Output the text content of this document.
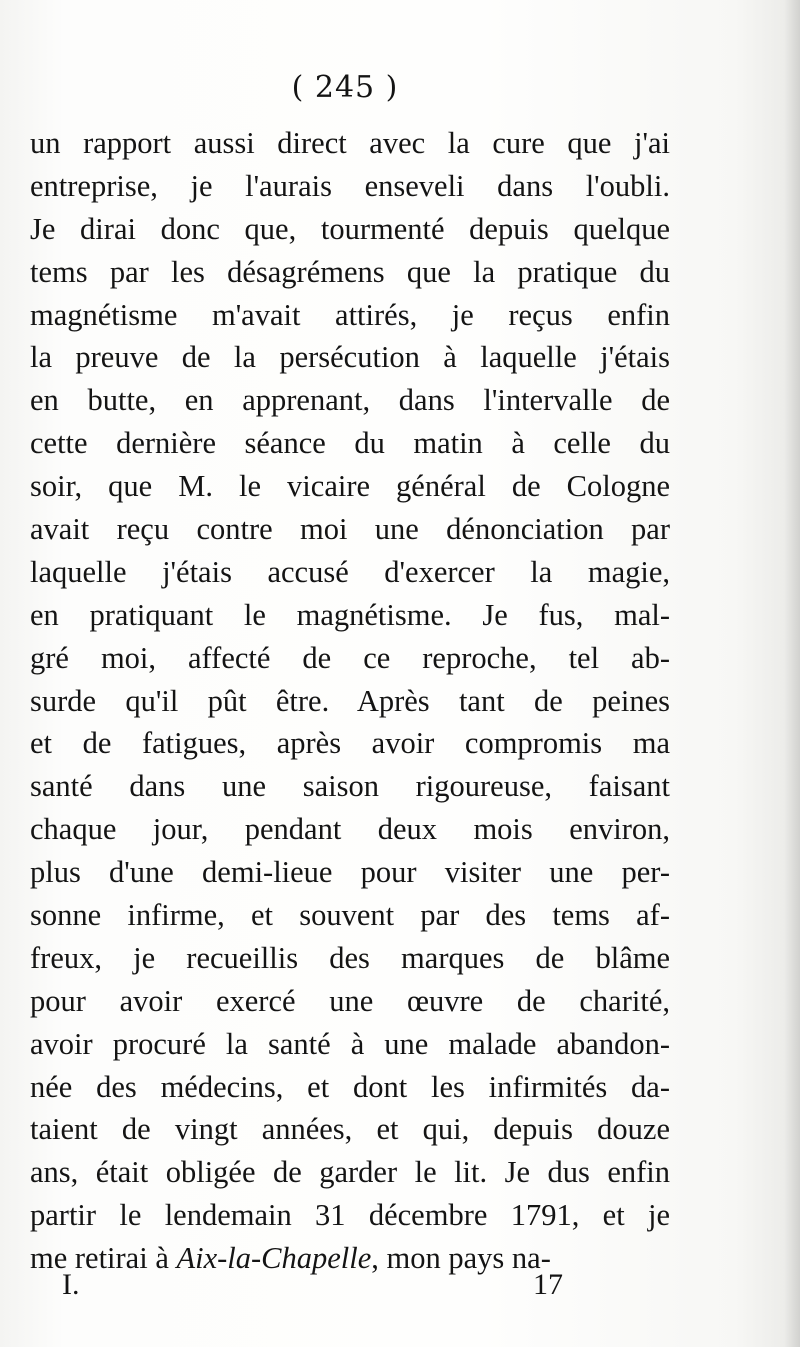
( 245 )
un rapport aussi direct avec la cure que j'ai
entreprise, je l'aurais enseveli dans l'oubli.
Je dirai donc que, tourmenté depuis quelque
tems par les désagrémens que la pratique du
magnétisme m'avait attirés, je reçus enfin
la preuve de la persécution à laquelle j'étais
en butte, en apprenant, dans l'intervalle de
cette dernière séance du matin à celle du
soir, que M. le vicaire général de Cologne
avait reçu contre moi une dénonciation par
laquelle j'étais accusé d'exercer la magie,
en pratiquant le magnétisme. Je fus, mal-
gré moi, affecté de ce reproche, tel ab-
surde qu'il pût être. Après tant de peines
et de fatigues, après avoir compromis ma
santé dans une saison rigoureuse, faisant
chaque jour, pendant deux mois environ,
plus d'une demi-lieue pour visiter une per-
sonne infirme, et souvent par des tems af-
freux, je recueillis des marques de blâme
pour avoir exercé une œuvre de charité,
avoir procuré la santé à une malade abandon-
née des médecins, et dont les infirmités da-
taient de vingt années, et qui, depuis douze
ans, était obligée de garder le lit. Je dus enfin
partir le lendemain 31 décembre 1791, et je
me retirai à Aix-la-Chapelle, mon pays na-
I.	17
